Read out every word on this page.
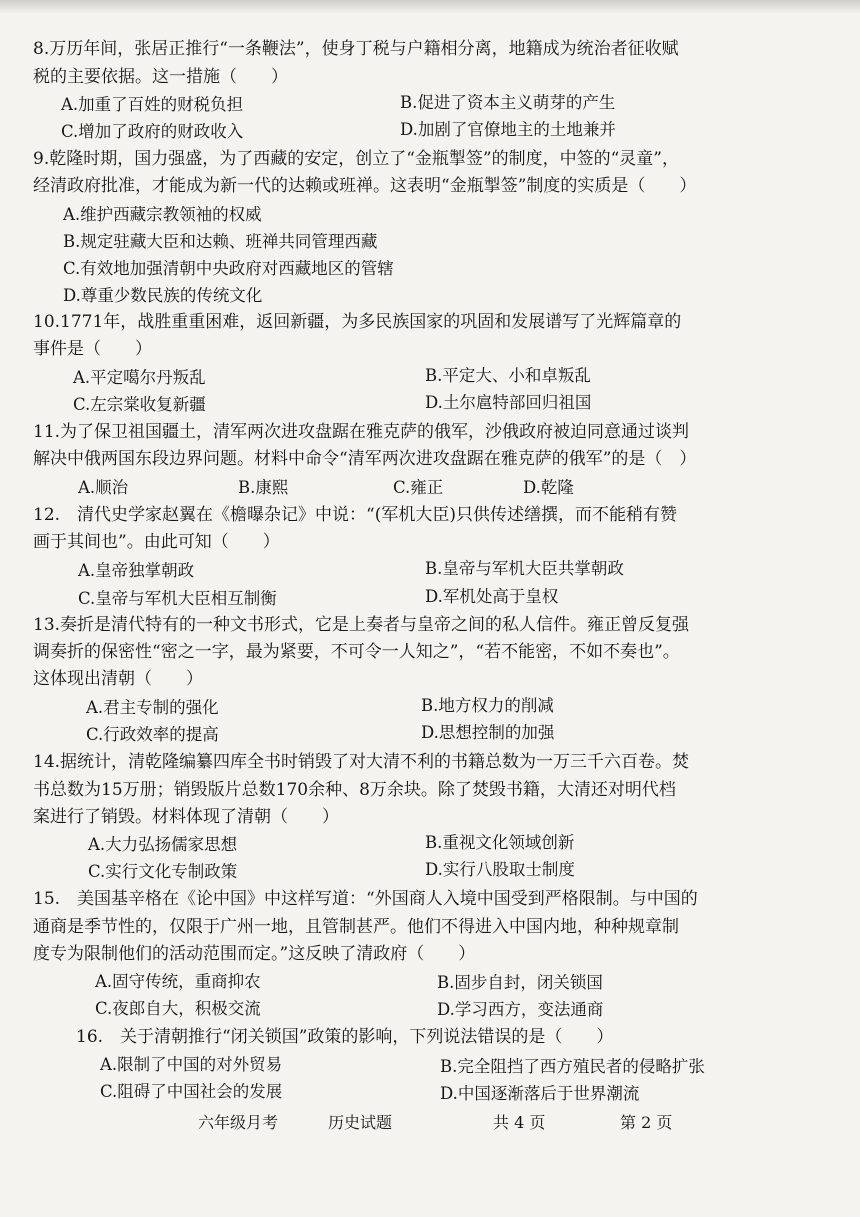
8.万历年间，张居正推行“一条鞭法”，使身丁税与户籍相分离，地籍成为统治者征收赋
税的主要依据。这一措施（　　）
A.加重了百姓的财税负担	B.促进了资本主义萌芽的产生
C.增加了政府的财政收入	D.加剧了官僚地主的土地兼并
9.乾隆时期，国力强盛，为了西藏的安定，创立了“金瓶掣签”的制度，中签的“灵童”，
经清政府批准，才能成为新一代的达赖或班禅。这表明“金瓶掣签”制度的实质是（　　）
A.维护西藏宗教领袖的权威
B.规定驻藏大臣和达赖、班禅共同管理西藏
C.有效地加强清朝中央政府对西藏地区的管辖
D.尊重少数民族的传统文化
10.1771年，战胜重重困难，返回新疆，为多民族国家的巩固和发展谱写了光辉篇章的
事件是（　　）
A.平定噶尔丹叛乱	B.平定大、小和卓叛乱
C.左宗棠收复新疆	D.土尔扈特部回归祖国
11.为了保卫祖国疆土，清军两次进攻盘踞在雅克萨的俄军，沙俄政府被迫同意通过谈判
解决中俄两国东段边界问题。材料中命令“清军两次进攻盘踞在雅克萨的俄军”的是（　）
A.顺治	B.康熙	C.雍正	D.乾隆
12.　清代史学家赵翼在《檐曝杂记》中说：“(军机大臣)只供传述缮撰，而不能稍有赞
画于其间也”。由此可知（　　）
A.皇帝独掌朝政	B.皇帝与军机大臣共掌朝政
C.皇帝与军机大臣相互制衡	D.军机处高于皇权
13.奏折是清代特有的一种文书形式，它是上奏者与皇帝之间的私人信件。雍正曾反复强
调奏折的保密性“密之一字，最为紧要，不可令一人知之”，“若不能密，不如不奏也”。
这体现出清朝（　　）
A.君主专制的强化	B.地方权力的削减
C.行政效率的提高	D.思想控制的加强
14.据统计，清乾隆编纂四库全书时销毁了对大清不利的书籍总数为一万三千六百卷。焚
书总数为15万册；销毁版片总数170余种、8万余块。除了焚毁书籍，大清还对明代档
案进行了销毁。材料体现了清朝（　　）
A.大力弘扬儒家思想	B.重视文化领域创新
C.实行文化专制政策	D.实行八股取士制度
15.　美国基辛格在《论中国》中这样写道：“外国商人入境中国受到严格限制。与中国的
通商是季节性的，仅限于广州一地，且管制甚严。他们不得进入中国内地，种种规章制
度专为限制他们的活动范围而定。”这反映了清政府（　　）
A.固守传统，重商抑农	B.固步自封，闭关锁国
C.夜郎自大，积极交流	D.学习西方，变法通商
16.　关于清朝推行“闭关锁国”政策的影响，下列说法错误的是（　　）
A.限制了中国的对外贸易	B.完全阻挡了西方殖民者的侵略扩张
C.阻碍了中国社会的发展	D.中国逐渐落后于世界潮流
六年级月考	历史试题	共 4 页	第 2 页
